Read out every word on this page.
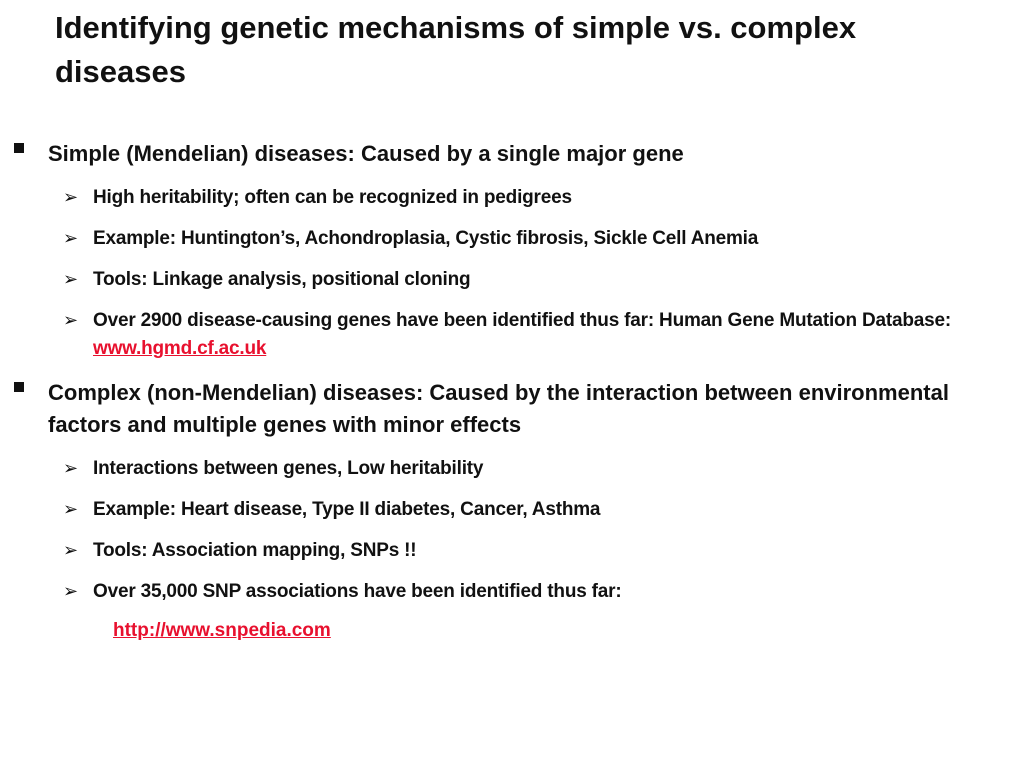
Identifying genetic mechanisms of simple vs. complex diseases
Simple (Mendelian) diseases: Caused by a single major gene
➢ High heritability; often can be recognized in pedigrees
➢ Example: Huntington’s, Achondroplasia, Cystic fibrosis, Sickle Cell Anemia
➢ Tools: Linkage analysis, positional cloning
➢ Over 2900 disease-causing genes have been identified thus far: Human Gene Mutation Database: www.hgmd.cf.ac.uk
Complex (non-Mendelian) diseases: Caused by the interaction between environmental factors and multiple genes with minor effects
➢ Interactions between genes, Low heritability
➢ Example: Heart disease, Type II diabetes, Cancer, Asthma
➢ Tools: Association mapping, SNPs !!
➢ Over 35,000 SNP associations have been identified thus far:
http://www.snpedia.com
